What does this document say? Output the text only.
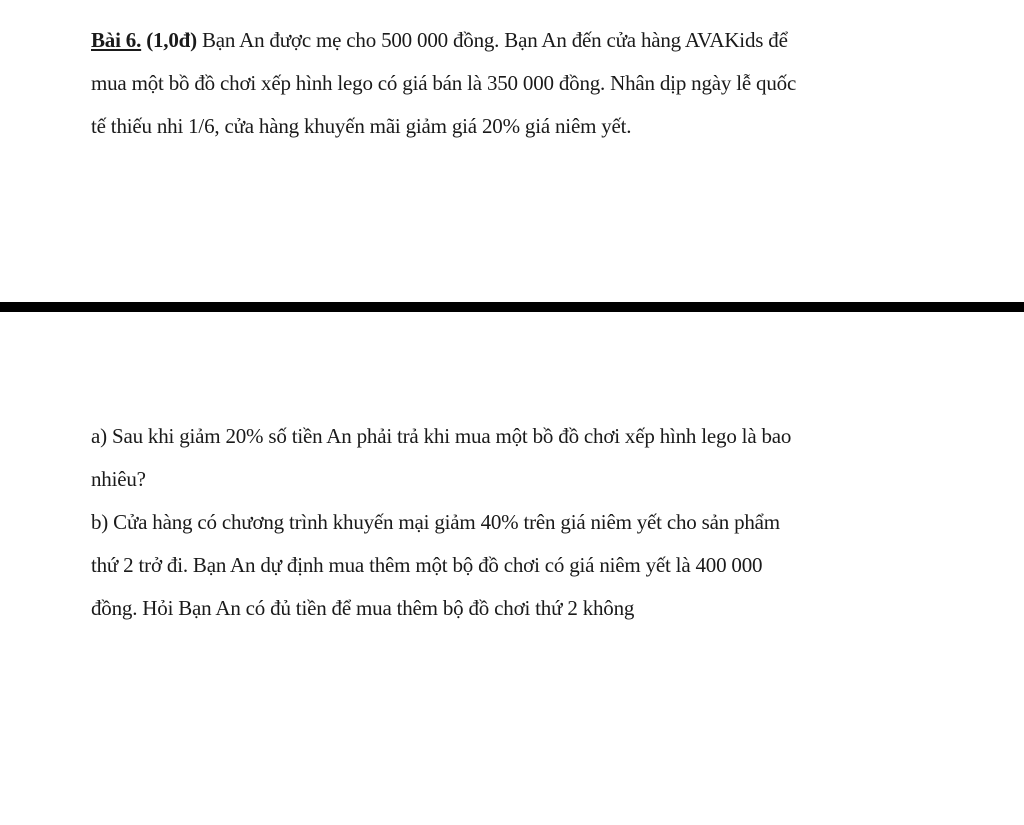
Bài 6. (1,0đ) Bạn An được mẹ cho 500 000 đồng. Bạn An đến cửa hàng AVAKids để
mua một bồ đồ chơi xếp hình lego có giá bán là 350 000 đồng. Nhân dịp ngày lễ quốc
tế thiếu nhi 1/6, cửa hàng khuyến mãi giảm giá 20% giá niêm yết.
a) Sau khi giảm 20% số tiền An phải trả khi mua một bồ đồ chơi xếp hình lego là bao
nhiêu?
b) Cửa hàng có chương trình khuyến mại giảm 40% trên giá niêm yết cho sản phẩm
thứ 2 trở đi. Bạn An dự định mua thêm một bộ đồ chơi có giá niêm yết là 400 000
đồng. Hỏi Bạn An có đủ tiền để mua thêm bộ đồ chơi thứ 2 không
